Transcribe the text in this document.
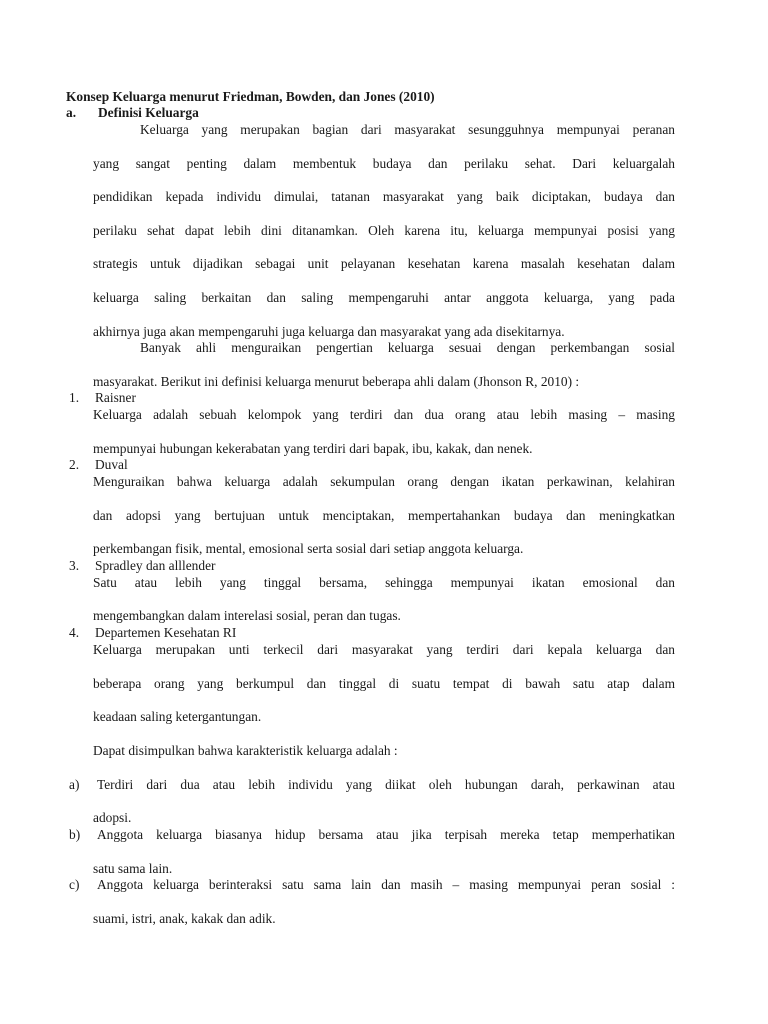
Konsep Keluarga menurut Friedman, Bowden, dan Jones (2010)
a. Definisi Keluarga
Keluarga yang merupakan bagian dari masyarakat sesungguhnya mempunyai peranan
yang sangat penting dalam membentuk budaya dan perilaku sehat. Dari keluargalah
pendidikan kepada individu dimulai, tatanan masyarakat yang baik diciptakan, budaya dan
perilaku sehat dapat lebih dini ditanamkan. Oleh karena itu, keluarga mempunyai posisi yang
strategis untuk dijadikan sebagai unit pelayanan kesehatan karena masalah kesehatan dalam
keluarga saling berkaitan dan saling mempengaruhi antar anggota keluarga, yang pada
akhirnya juga akan mempengaruhi juga keluarga dan masyarakat yang ada disekitarnya.
Banyak ahli menguraikan pengertian keluarga sesuai dengan perkembangan sosial
masyarakat. Berikut ini definisi keluarga menurut beberapa ahli dalam (Jhonson R, 2010) :
1. Raisner
Keluarga adalah sebuah kelompok yang terdiri dan dua orang atau lebih masing – masing
mempunyai hubungan kekerabatan yang terdiri dari bapak, ibu, kakak, dan nenek.
2. Duval
Menguraikan bahwa keluarga adalah sekumpulan orang dengan ikatan perkawinan, kelahiran
dan adopsi yang bertujuan untuk menciptakan, mempertahankan budaya dan meningkatkan
perkembangan fisik, mental, emosional serta sosial dari setiap anggota keluarga.
3. Spradley dan alllender
Satu atau lebih yang tinggal bersama, sehingga mempunyai ikatan emosional dan
mengembangkan dalam interelasi sosial, peran dan tugas.
4. Departemen Kesehatan RI
Keluarga merupakan unti terkecil dari masyarakat yang terdiri dari kepala keluarga dan
beberapa orang yang berkumpul dan tinggal di suatu tempat di bawah satu atap dalam
keadaan saling ketergantungan.
Dapat disimpulkan bahwa karakteristik keluarga adalah :
a) Terdiri dari dua atau lebih individu yang diikat oleh hubungan darah, perkawinan atau
adopsi.
b) Anggota keluarga biasanya hidup bersama atau jika terpisah mereka tetap memperhatikan
satu sama lain.
c) Anggota keluarga berinteraksi satu sama lain dan masih – masing mempunyai peran sosial :
suami, istri, anak, kakak dan adik.
